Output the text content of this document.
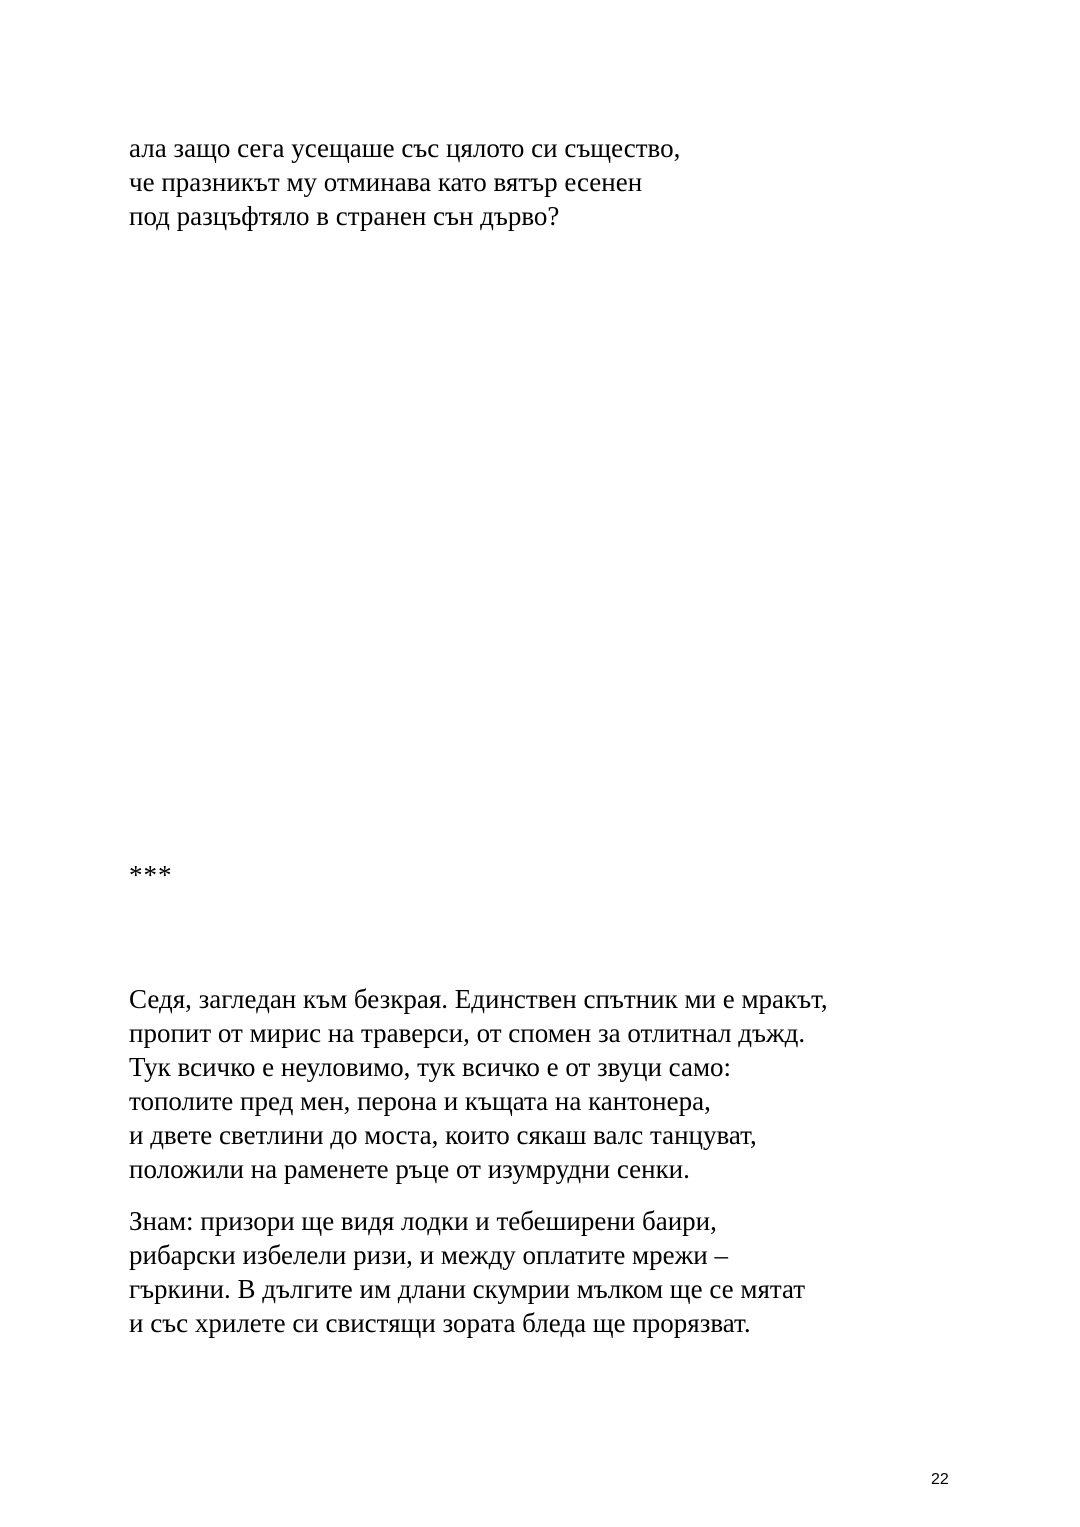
ала защо сега усещаше със цялото си същество,
че празникът му отминава като вятър есенен
под разцъфтяло в странен сън дърво?
***
Седя, загледан към безкрая. Единствен спътник ми е мракът,
пропит от мирис на траверси, от спомен за отлитнал дъжд.
Тук всичко е неуловимо, тук всичко е от звуци само:
тополите пред мен, перона и къщата на кантонера,
и двете светлини до моста, които сякаш валс танцуват,
положили на раменете ръце от изумрудни сенки.
Знам: призори ще видя лодки и тебеширени баири,
рибарски избелели ризи, и между оплатите мрежи –
гъркини. В дългите им длани скумрии мълком ще се мятат
и със хрилете си свистящи зората бледа ще прорязват.
22
